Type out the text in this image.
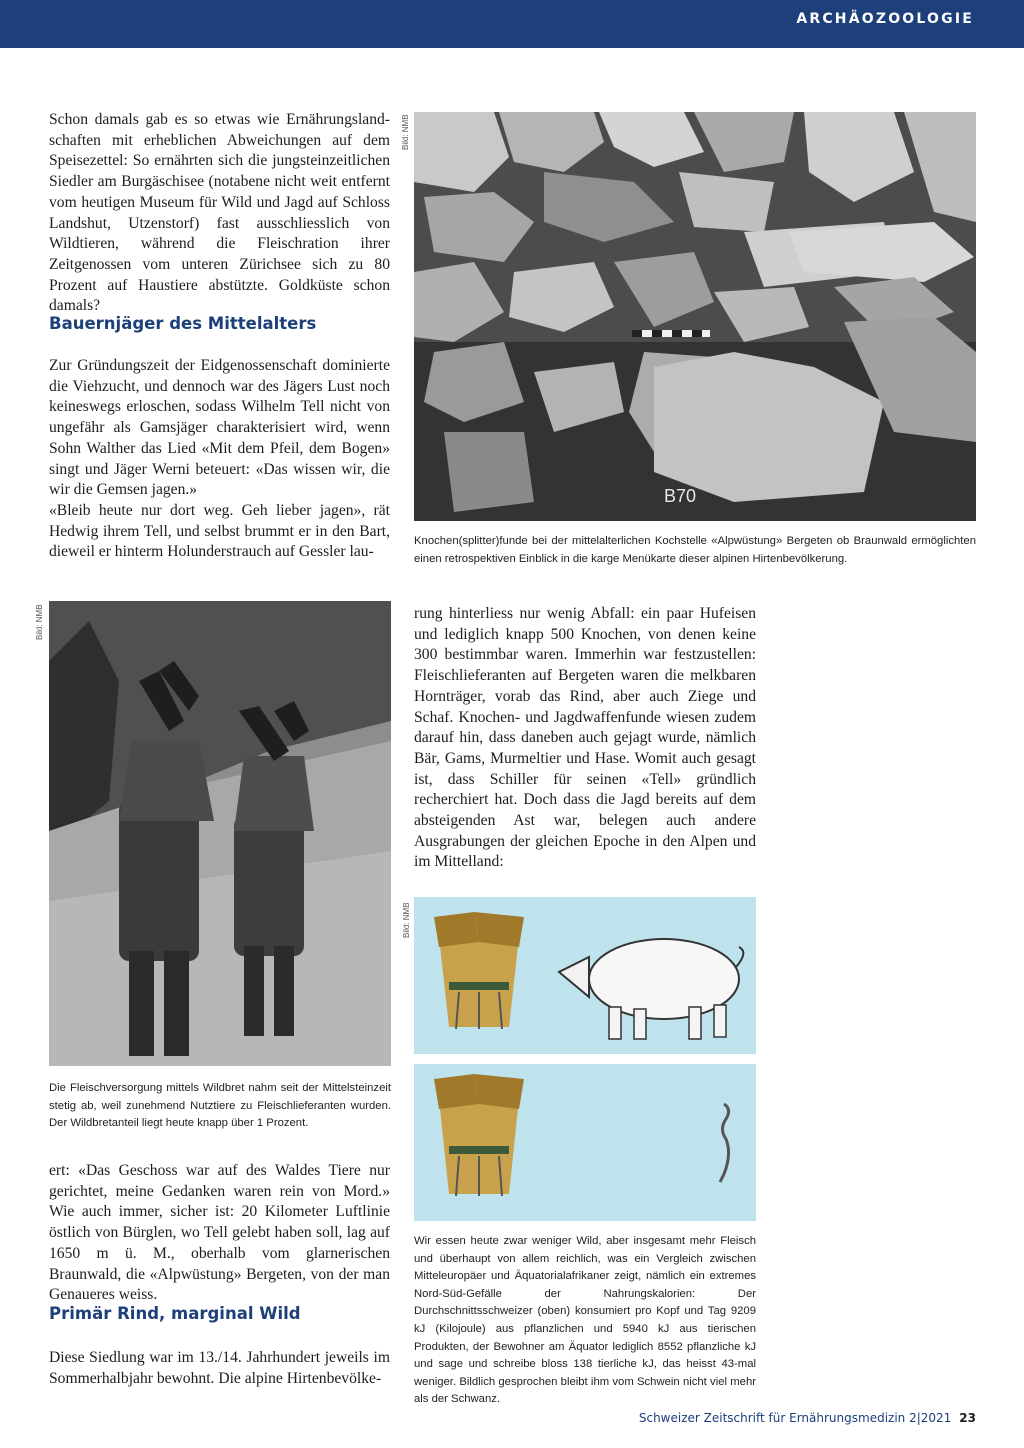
ARCHÄOZOOLOGIE

Schon damals gab es so etwas wie Ernährungsland-schaften mit erheblichen Abweichungen auf dem Speisezettel: So ernährten sich die jungsteinzeitlichen Siedler am Burgäschisee (notabene nicht weit entfernt vom heutigen Museum für Wild und Jagd auf Schloss Landshut, Utzenstorf) fast ausschliesslich von Wildtieren, während die Fleischration ihrer Zeitgenossen vom unteren Zürichsee sich zu 80 Prozent auf Haustiere abstützte. Goldküste schon damals?

Bauernjäger des Mittelalters

Zur Gründungszeit der Eidgenossenschaft dominierte die Viehzucht, und dennoch war des Jägers Lust noch keineswegs erloschen, sodass Wilhelm Tell nicht von ungefähr als Gamsjäger charakterisiert wird, wenn Sohn Walther das Lied «Mit dem Pfeil, dem Bogen» singt und Jäger Werni beteuert: «Das wissen wir, die wir die Gemsen jagen.»

«Bleib heute nur dort weg. Geh lieber jagen», rät Hedwig ihrem Tell, und selbst brummt er in den Bart, dieweil er hinterm Holunderstrauch auf Gessler lau-

Bild: NMB
B70
Knochen(splitter)funde bei der mittelalterlichen Kochstelle «Alpwüstung» Bergeten ob Braunwald ermöglichten einen retrospektiven Einblick in die karge Menükarte dieser alpinen Hirtenbevölkerung.
Bild: NMB
Die Fleischversorgung mittels Wildbret nahm seit der Mittelsteinzeit stetig ab, weil zunehmend Nutztiere zu Fleischlieferanten wurden. Der Wildbretanteil liegt heute knapp über 1 Prozent.

rung hinterliess nur wenig Abfall: ein paar Hufeisen und lediglich knapp 500 Knochen, von denen keine 300 bestimmbar waren. Immerhin war festzustellen: Fleischlieferanten auf Bergeten waren die melkbaren Hornträger, vorab das Rind, aber auch Ziege und Schaf. Knochen- und Jagdwaffenfunde wiesen zudem darauf hin, dass daneben auch gejagt wurde, nämlich Bär, Gams, Murmeltier und Hase. Womit auch gesagt ist, dass Schiller für seinen «Tell» gründlich recherchiert hat. Doch dass die Jagd bereits auf dem absteigenden Ast war, belegen auch andere Ausgrabungen der gleichen Epoche in den Alpen und im Mittelland:

Bild: NMB
Wir essen heute zwar weniger Wild, aber insgesamt mehr Fleisch und überhaupt von allem reichlich, was ein Vergleich zwischen Mitteleuropäer und Äquatorialafrikaner zeigt, nämlich ein extremes Nord-Süd-Gefälle der Nahrungskalorien: Der Durchschnittsschweizer (oben) konsumiert pro Kopf und Tag 9209 kJ (Kilojoule) aus pflanzlichen und 5940 kJ aus tierischen Produkten, der Bewohner am Äquator lediglich 8552 pflanzliche kJ und sage und schreibe bloss 138 tierliche kJ, das heisst 43-mal weniger. Bildlich gesprochen bleibt ihm vom Schwein nicht viel mehr als der Schwanz.

ert: «Das Geschoss war auf des Waldes Tiere nur gerichtet, meine Gedanken waren rein von Mord.» Wie auch immer, sicher ist: 20 Kilometer Luftlinie östlich von Bürglen, wo Tell gelebt haben soll, lag auf 1650 m ü. M., oberhalb vom glarnerischen Braunwald, die «Alpwüstung» Bergeten, von der man Genaueres weiss.

Primär Rind, marginal Wild

Diese Siedlung war im 13./14. Jahrhundert jeweils im Sommerhalbjahr bewohnt. Die alpine Hirtenbevölke-

Schweizer Zeitschrift für Ernährungsmedizin 2|2021 23
